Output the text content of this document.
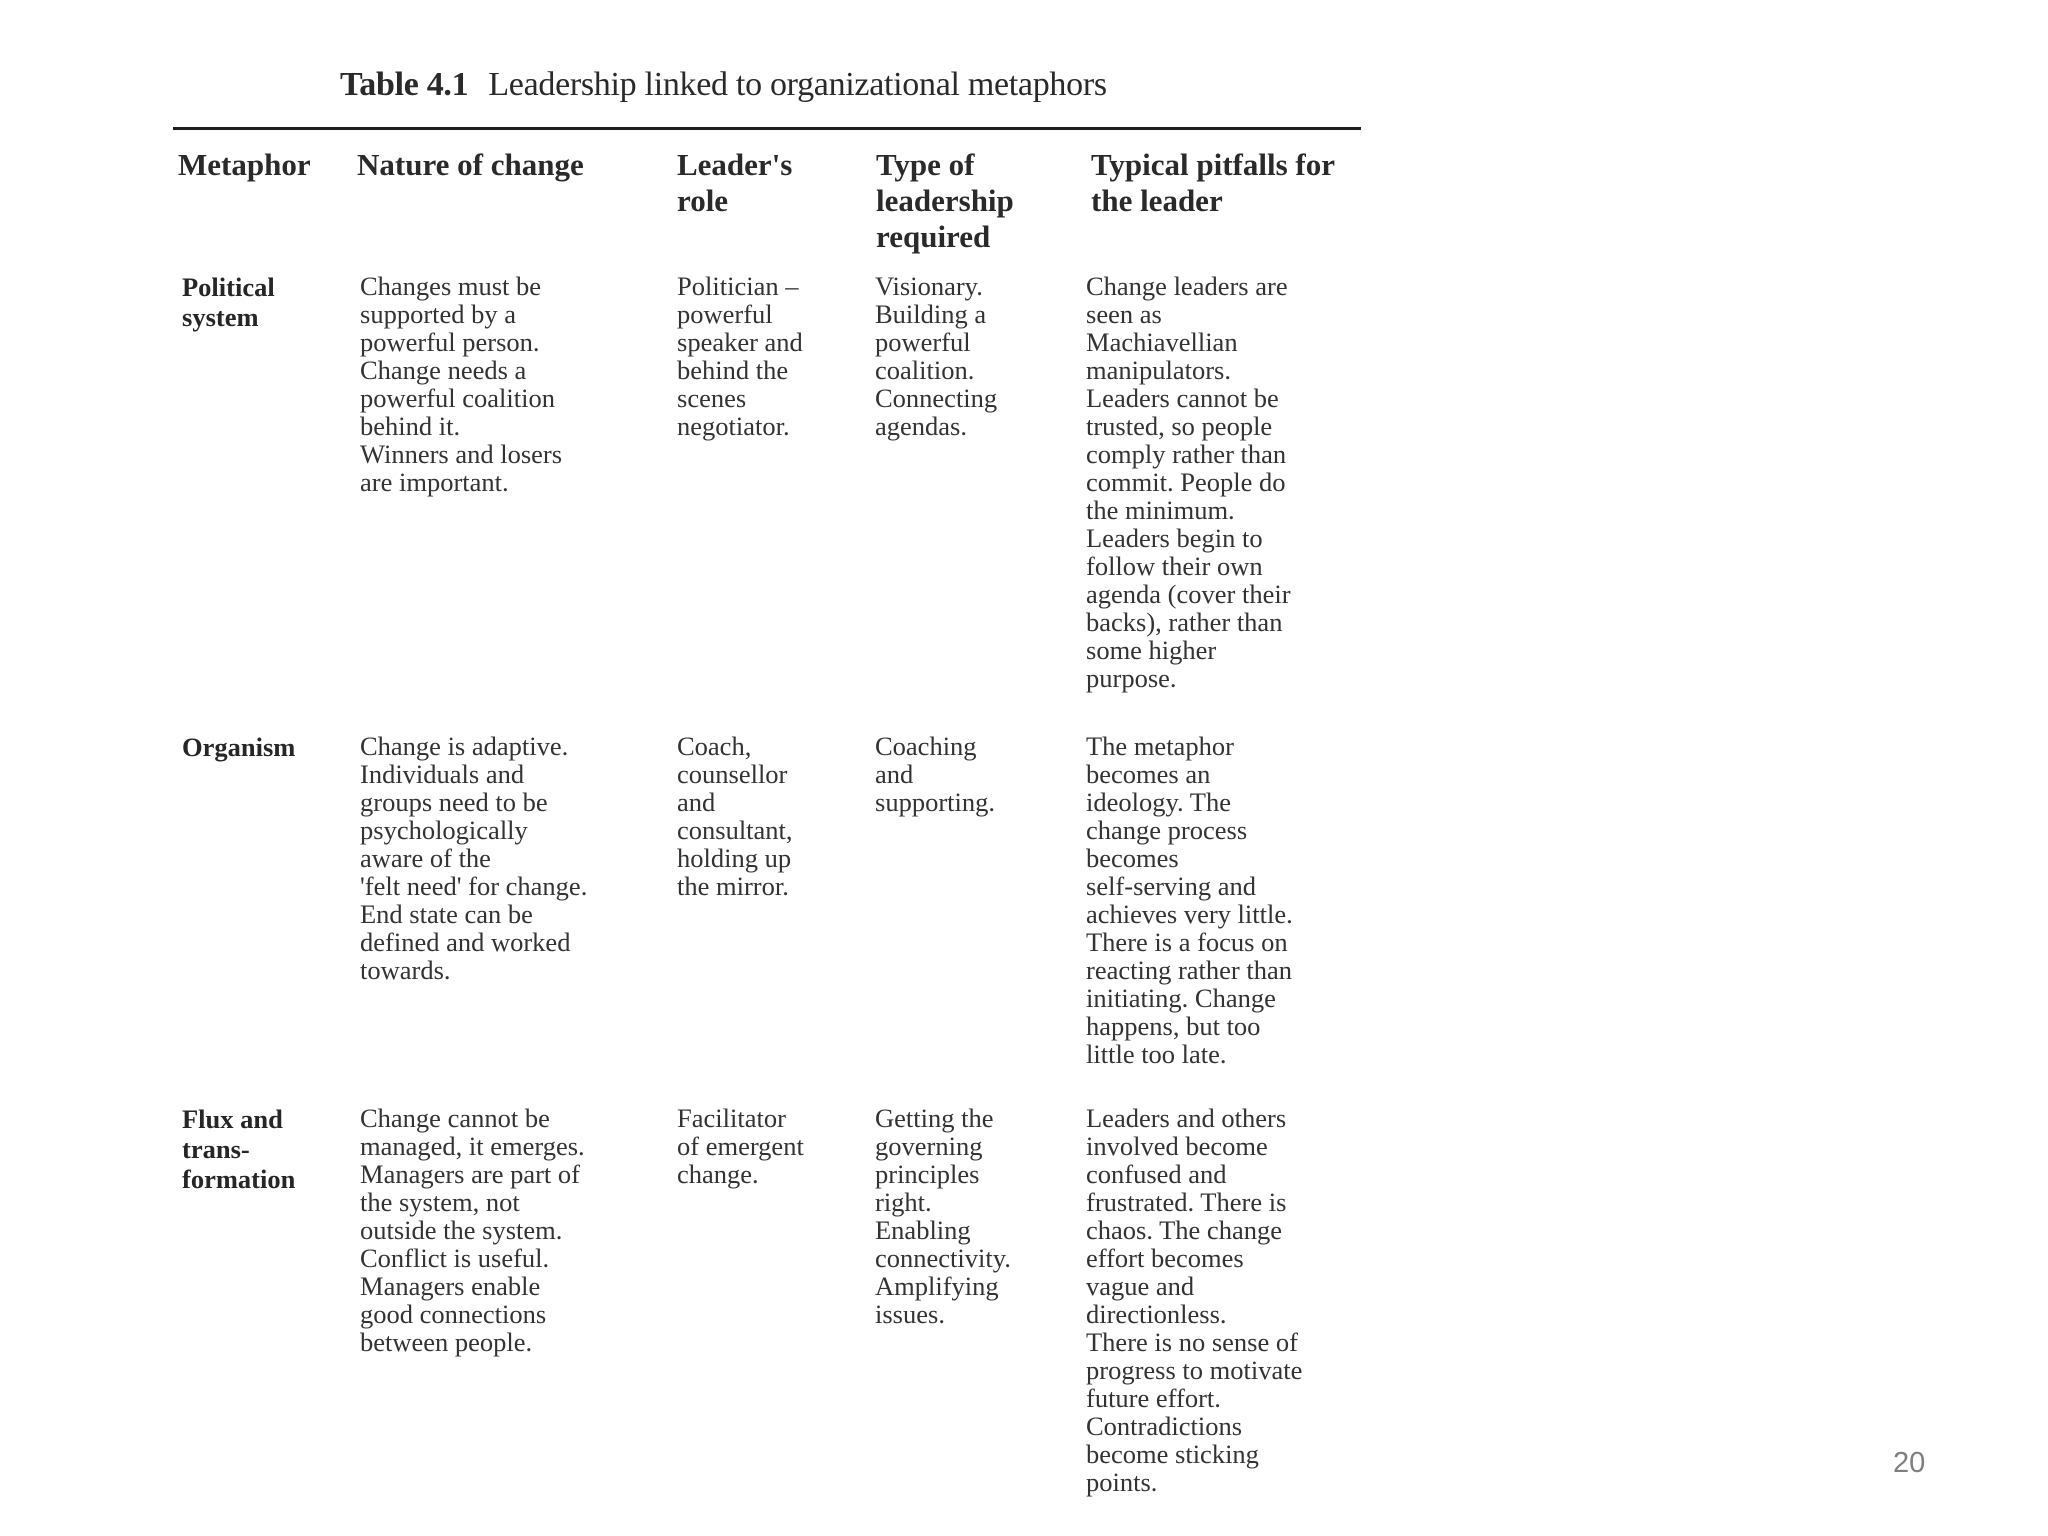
Table 4.1 Leadership linked to organizational metaphors
Metaphor Nature of change	Leader's
role
Type of
leadership
required
Typical pitfalls for
the leader
Political
system
Changes must be
supported by a
powerful person.
Change needs a
powerful coalition
behind it.
Winners and losers
are important.
Politician –
powerful
speaker and
behind the
scenes
negotiator.
Visionary.
Building a
powerful
coalition.
Connecting
agendas.
Change leaders are
seen as
Machiavellian
manipulators.
Leaders cannot be
trusted, so people
comply rather than
commit. People do
the minimum.
Leaders begin to
follow their own
agenda (cover their
backs), rather than
some higher
purpose.
Organism Change is adaptive.
Individuals and
groups need to be
psychologically
aware of the
'felt need' for change.
End state can be
defined and worked
towards.
Coach,
counsellor
and
consultant,
holding up
the mirror.
Coaching
and
supporting.
The metaphor
becomes an
ideology. The
change process
becomes
self-serving and
achieves very little.
There is a focus on
reacting rather than
initiating. Change
happens, but too
little too late.
Flux and
trans-
formation
Change cannot be
managed, it emerges.
Managers are part of
the system, not
outside the system.
Conflict is useful.
Managers enable
good connections
between people.
Facilitator
of emergent
change.
Getting the
governing
principles
right.
Enabling
connectivity.
Amplifying
issues.
Leaders and others
involved become
confused and
frustrated. There is
chaos. The change
effort becomes
vague and
directionless.
There is no sense of
progress to motivate
future effort.
Contradictions
become sticking
points.
20
